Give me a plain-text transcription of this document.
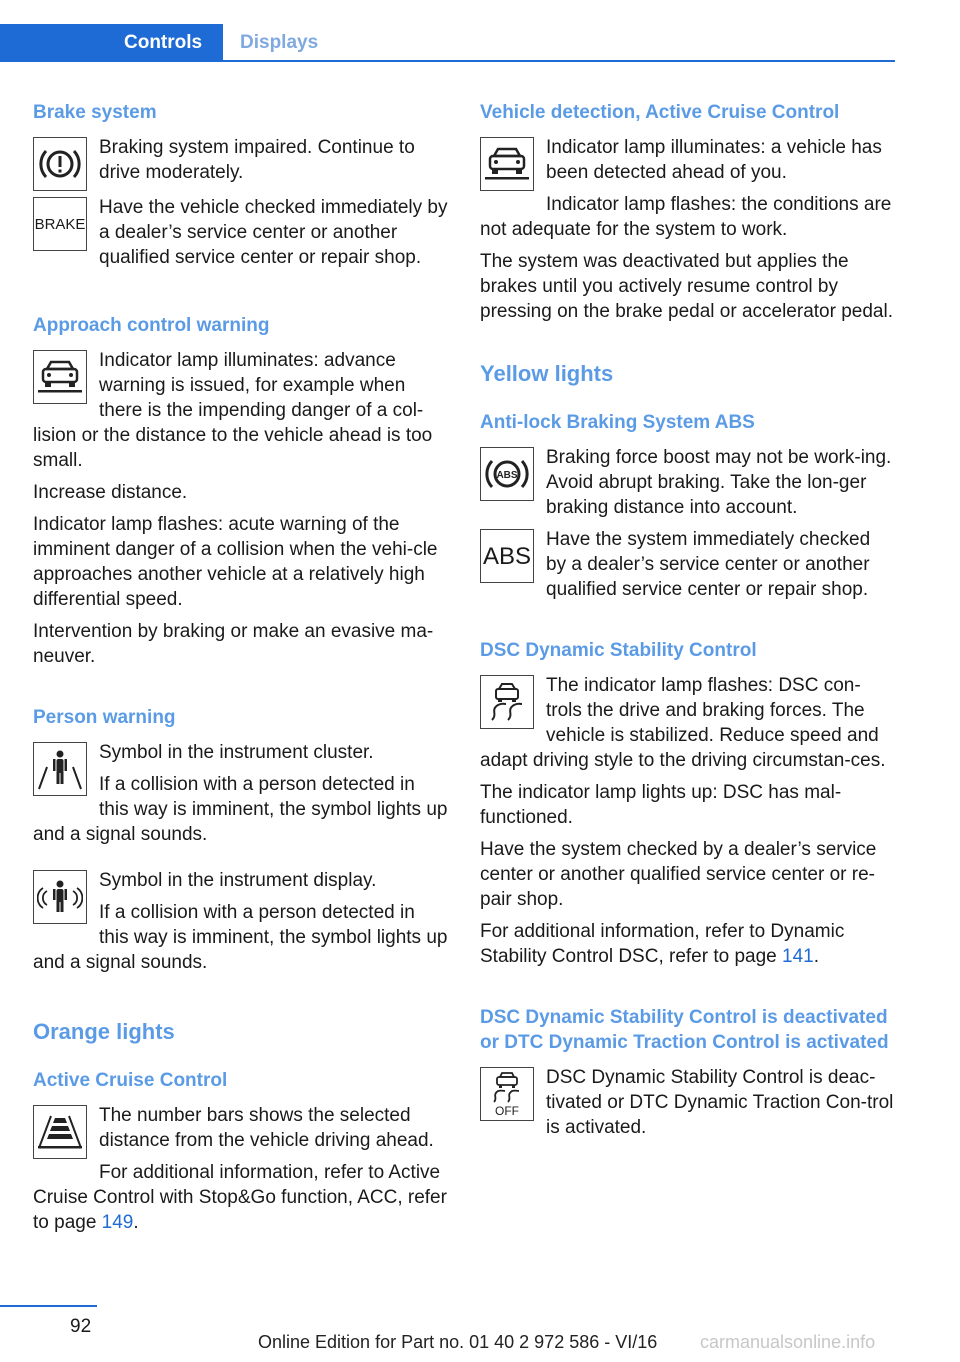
Controls	Displays
Brake system

Braking system impaired. Continue to drive moderately.

BRAKE

Have the vehicle checked immediately by a dealer’s service center or another qualified service center or repair shop.

Approach control warning

Indicator lamp illuminates: advance warning is issued, for example when there is the impending danger of a col-lision or the distance to the vehicle ahead is too small.

Increase distance.

Indicator lamp flashes: acute warning of the imminent danger of a collision when the vehi-cle approaches another vehicle at a relatively high differential speed.

Intervention by braking or make an evasive ma-neuver.

Person warning

Symbol in the instrument cluster.

If a collision with a person detected in this way is imminent, the symbol lights up and a signal sounds.

Symbol in the instrument display.

If a collision with a person detected in this way is imminent, the symbol lights up and a signal sounds.

Orange lights
Active Cruise Control

The number bars shows the selected distance from the vehicle driving ahead.

For additional information, refer to Active Cruise Control with Stop&Go function, ACC, refer to page 149.

Vehicle detection, Active Cruise Control

Indicator lamp illuminates: a vehicle has been detected ahead of you.

Indicator lamp flashes: the conditions are not adequate for the system to work.

The system was deactivated but applies the brakes until you actively resume control by pressing on the brake pedal or accelerator pedal.

Yellow lights
Anti-lock Braking System ABS
ABS

Braking force boost may not be work-ing. Avoid abrupt braking. Take the lon-ger braking distance into account.

ABS

Have the system immediately checked by a dealer’s service center or another qualified service center or repair shop.

DSC Dynamic Stability Control

The indicator lamp flashes: DSC con-trols the drive and braking forces. The vehicle is stabilized. Reduce speed and adapt driving style to the driving circumstan-ces.

The indicator lamp lights up: DSC has mal-functioned.

Have the system checked by a dealer’s service center or another qualified service center or re-pair shop.

For additional information, refer to Dynamic Stability Control DSC, refer to page 141.

DSC Dynamic Stability Control is deactivated or DTC Dynamic Traction Control is activated
OFF

DSC Dynamic Stability Control is deac-tivated or DTC Dynamic Traction Con-trol is activated.

92
Online Edition for Part no. 01 40 2 972 586 - VI/16 carmanualsonline.info
